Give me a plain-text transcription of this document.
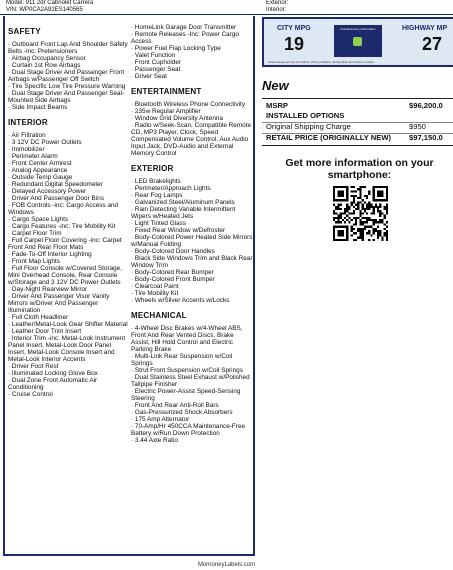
Model: 911 2dr Cabriolet Carrera
VIN: WP0CA2A92ES140565
Exterior:
Interior:
SAFETY
· Outboard Front Lap And Shoulder Safety Belts -inc: Pretensioners
· Airbag Occupancy Sensor
· Curtain 1st Row Airbags
· Dual Stage Driver And Passenger Front Airbags w/Passenger Off Switch
· Tire Specific Low Tire Pressure Warning
· Dual Stage Driver And Passenger Seat-Mounted Side Airbags
· Side Impact Beams
INTERIOR
· Air Filtration
· 3 12V DC Power Outlets
· Immobilizer
· Perimeter Alarm
· Front Center Armrest
· Analog Appearance
· Outside Temp Gauge
· Redundant Digital Speedometer
· Delayed Accessory Power
· Driver And Passenger Door Bins
· FOB Controls -inc: Cargo Access and Windows
· Cargo Space Lights
· Cargo Features -inc: Tire Mobility Kit
· Carpet Floor Trim
· Full Carpet Floor Covering -inc: Carpet Front And Rear Floor Mats
· Fade-To-Off Interior Lighting
· Front Map Lights
· Full Floor Console w/Covered Storage, Mini Overhead Console, Rear Console w/Storage and 3 12V DC Power Outlets
· Day-Night Rearview Mirror
· Driver And Passenger Visor Vanity Mirrors w/Driver And Passenger Illumination
· Full Cloth Headliner
· Leather/Metal-Look Gear Shifter Material
· Leather Door Trim Insert
· Interior Trim -inc: Metal-Look Instrument Panel Insert, Metal-Look Door Panel Insert, Metal-Look Console Insert and Metal-Look Interior Accents
· Driver Foot Rest
· Illuminated Locking Glove Box
· Dual Zone Front Automatic Air Conditioning
· Cruise Control
· HomeLink Garage Door Transmitter
· Remote Releases -Inc: Power Cargo Access
· Power Fuel Flap Locking Type
· Valet Function
· Front Cupholder
· Passenger Seat
· Driver Seat
ENTERTAINMENT
· Bluetooth Wireless Phone Connectivity
· 235w Regular Amplifier
· Window Grid Diversity Antenna
· Radio w/Seek-Scan, Compatible Remote CD, MP3 Player, Clock, Speed Compensated Volume Control, Aux Audio Input Jack, DVD-Audio and External Memory Control
EXTERIOR
· LED Brakelights
· Perimeter/Approach Lights
· Rear Fog Lamps
· Galvanized Steel/Aluminum Panels
· Rain Detecting Variable Intermittent Wipers w/Heated Jets
· Light Tinted Glass
· Fixed Rear Window w/Defroster
· Body-Colored Power Heated Side Mirrors w/Manual Folding
· Body-Colored Door Handles
· Black Side Windows Trim and Black Rear Window Trim
· Body-Colored Rear Bumper
· Body-Colored Front Bumper
· Clearcoat Paint
· Tire Mobility Kit
· Wheels w/Silver Accents w/Locks
MECHANICAL
· 4-Wheel Disc Brakes w/4-Wheel ABS, Front And Rear Vented Discs, Brake Assist, Hill Hold Control and Electric Parking Brake
· Multi-Link Rear Suspension w/Coil Springs
· Strut Front Suspension w/Coil Springs
· Dual Stainless Steel Exhaust w/Polished Tailpipe Finisher
· Electric Power-Assist Speed-Sensing Steering
· Front And Rear Anti-Roll Bars
· Gas-Pressurized Shock Absorbers
· 175 Amp Alternator
· 70-Amp/Hr 450CCA Maintenance-Free Battery w/Run Down Protection
· 3.44 Axle Ratio
CITY MPG
19
Fuel Economy Information	HIGHWAY MP
27
Actual mileage will vary with options, driving conditions, driving habits and vehicle's condition
New
MSRP	$96,200.0
INSTALLED OPTIONS
Original Shipping Charge	$950
RETAIL PRICE (ORIGINALLY NEW) $97,150.0
Get more information on your smartphone:
MonroneyLabels.com
